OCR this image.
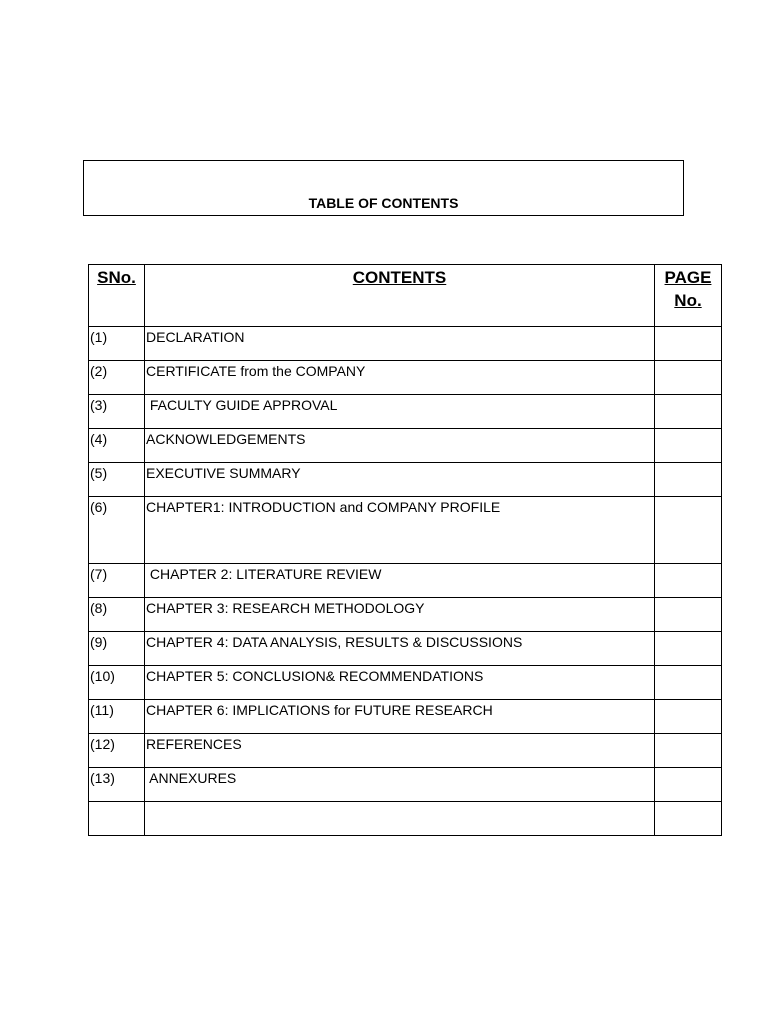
TABLE OF CONTENTS
SNo.	CONTENTS	PAGE
No.

(1)	DECLARATION	

(2)	CERTIFICATE from the COMPANY	

(3)	FACULTY GUIDE APPROVAL	

(4)	ACKNOWLEDGEMENTS	

(5)	EXECUTIVE SUMMARY	

(6)	CHAPTER1: INTRODUCTION and COMPANY PROFILE	

(7)	CHAPTER 2: LITERATURE REVIEW	

(8)	CHAPTER 3: RESEARCH METHODOLOGY	

(9)	CHAPTER 4: DATA ANALYSIS, RESULTS & DISCUSSIONS	

(10)	CHAPTER 5: CONCLUSION& RECOMMENDATIONS	

(11)	CHAPTER 6: IMPLICATIONS for FUTURE RESEARCH	

(12)	REFERENCES	

(13)	ANNEXURES	
